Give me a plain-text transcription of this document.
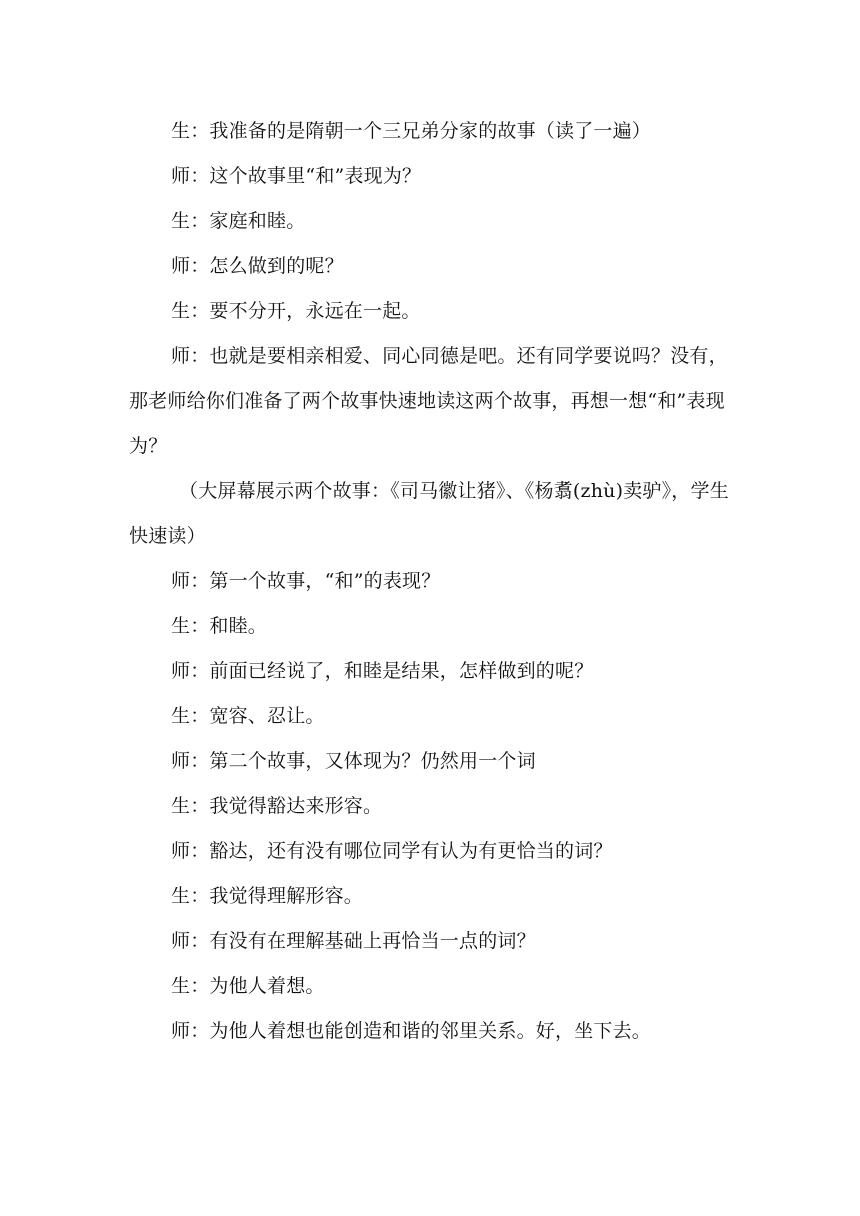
生：我准备的是隋朝一个三兄弟分家的故事（读了一遍）

师：这个故事里“和”表现为？

生：家庭和睦。

师：怎么做到的呢？

生：要不分开，永远在一起。

师：也就是要相亲相爱、同心同德是吧。还有同学要说吗？没有，那老师给你们准备了两个故事快速地读这两个故事，再想一想“和”表现为？

（大屏幕展示两个故事：《司马徽让猪》、《杨翥(zhù)卖驴》，学生快速读）

师：第一个故事，“和”的表现？

生：和睦。

师：前面已经说了，和睦是结果，怎样做到的呢？

生：宽容、忍让。

师：第二个故事，又体现为？仍然用一个词

生：我觉得豁达来形容。

师：豁达，还有没有哪位同学有认为有更恰当的词？

生：我觉得理解形容。

师：有没有在理解基础上再恰当一点的词？

生：为他人着想。

师：为他人着想也能创造和谐的邻里关系。好，坐下去。
